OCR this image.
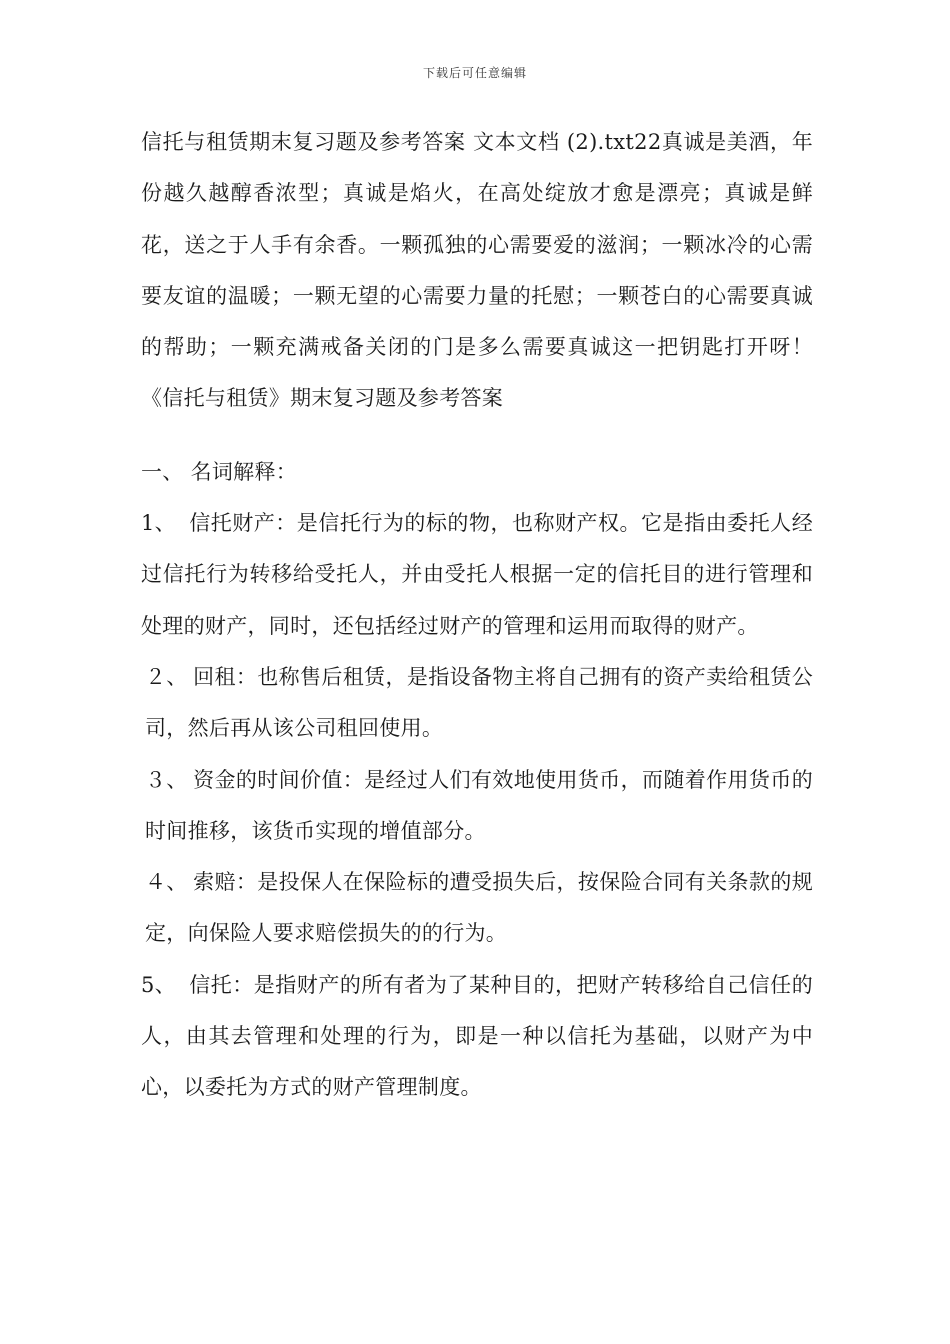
下载后可任意编辑

信托与租赁期末复习题及参考答案 文本文档 (2).txt22真诚是美酒，年份越久越醇香浓型；真诚是焰火，在高处绽放才愈是漂亮；真诚是鲜花，送之于人手有余香。一颗孤独的心需要爱的滋润；一颗冰冷的心需要友谊的温暖；一颗无望的心需要力量的托慰；一颗苍白的心需要真诚的帮助；一颗充满戒备关闭的门是多么需要真诚这一把钥匙打开呀！ 《信托与租赁》期末复习题及参考答案

一、 名词解释：

1、 信托财产：是信托行为的标的物，也称财产权。它是指由委托人经过信托行为转移给受托人，并由受托人根据一定的信托目的进行管理和处理的财产，同时，还包括经过财产的管理和运用而取得的财产。

２、 回租：也称售后租赁，是指设备物主将自己拥有的资产卖给租赁公司，然后再从该公司租回使用。

３、 资金的时间价值：是经过人们有效地使用货币，而随着作用货币的时间推移，该货币实现的增值部分。

４、 索赔：是投保人在保险标的遭受损失后，按保险合同有关条款的规定，向保险人要求赔偿损失的的行为。

5、 信托：是指财产的所有者为了某种目的，把财产转移给自己信任的人，由其去管理和处理的行为，即是一种以信托为基础，以财产为中心，以委托为方式的财产管理制度。
